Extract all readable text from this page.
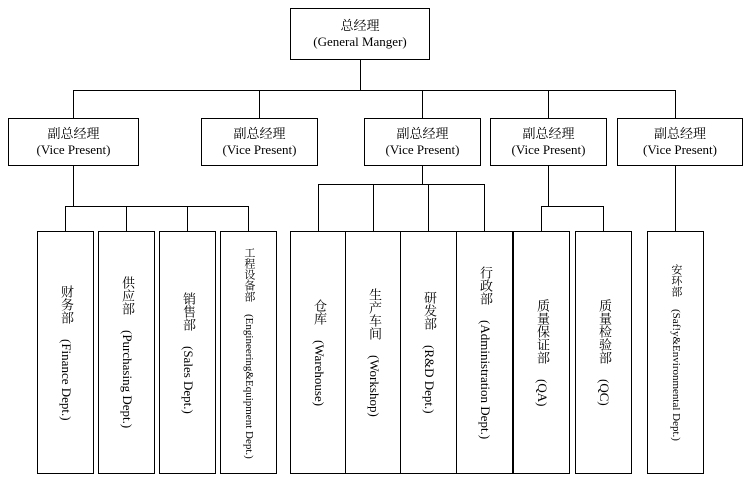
总经理
(General Manger)
副总经理
(Vice Present)
副总经理
(Vice Present)
副总经理
(Vice Present)
副总经理
(Vice Present)
副总经理
(Vice Present)
财务部 (Finance Dept.)
供应部 (Purchasing Dept.)
销售部 (Sales Dept.)
工程设备部 (Engineering&Equipment Dept.)
仓库 (Warehouse)
生产车间 (Workshop)
研发部 (R&D Dept.)
行政部 (Administration Dept.)	质量保证部 (QA)
质量检验部 (QC)
安环部 (Saf!y&Environmental Dept.)
